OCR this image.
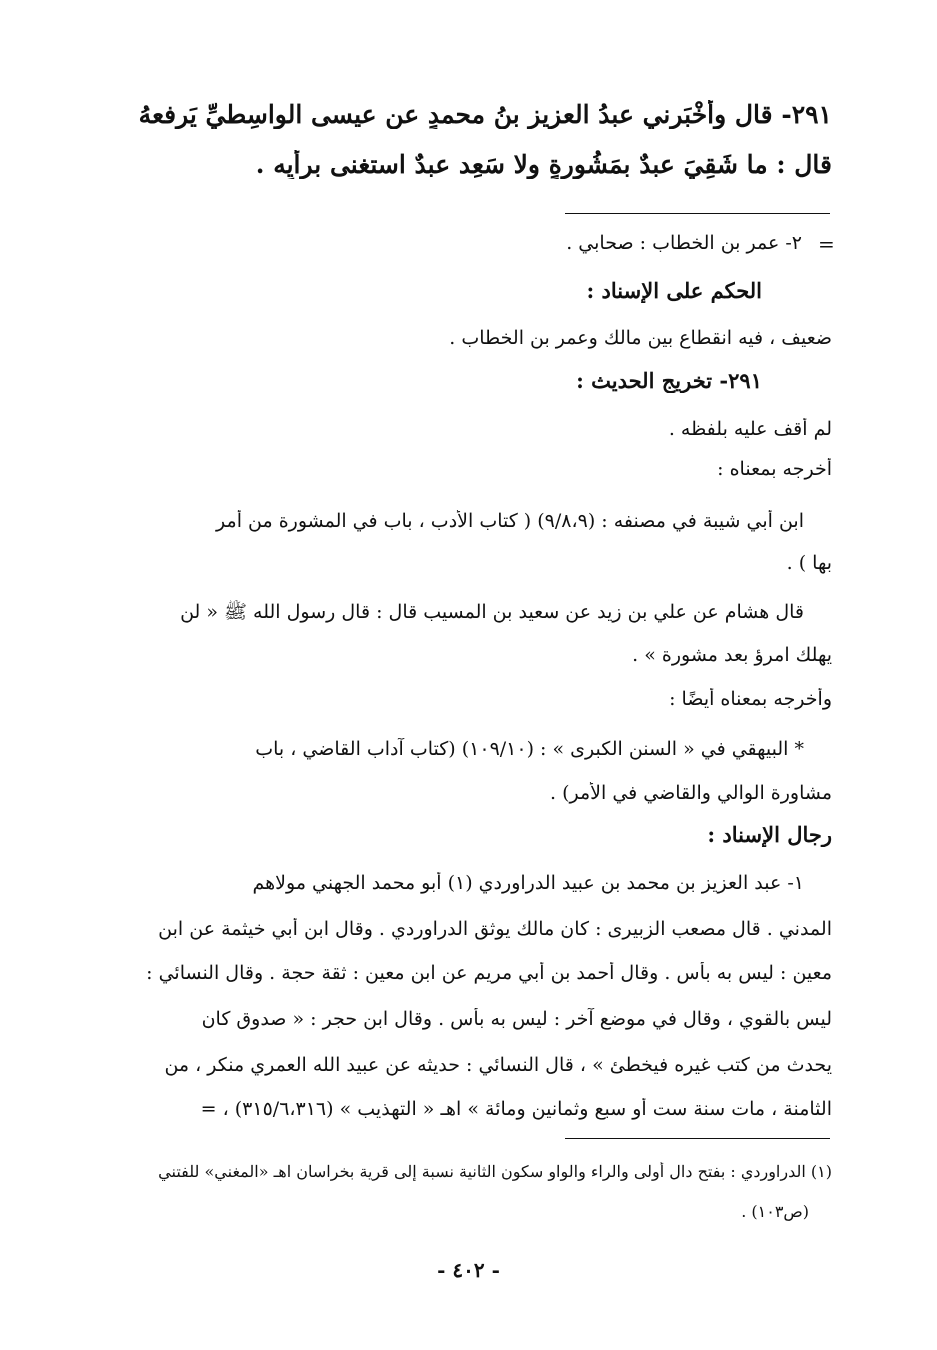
٢٩١- قال وأَخْبَرني عبدُ العزيزِ بنُ محمدٍ عن عيسى الواسِطيِّ يَرفعهُ
قال : ما شَقِيَ عبدٌ بمَشُورةٍ ولا سَعِد عبدٌ استغنى برأيِه .
=
٢- عمر بن الخطاب : صحابي .
الحكم على الإسناد :
ضعيف ، فيه انقطاع بين مالك وعمر بن الخطاب .
٢٩١- تخريج الحديث :
لم أقف عليه بلفظه .
أخرجه بمعناه :
ابن أبي شيبة في مصنفه : (٩/٨،٩) ( كتاب الأدب ، باب في المشورة من أمر
بها ) .
قال هشام عن علي بن زيد عن سعيد بن المسيب قال : قال رسول الله ﷺ « لن
يهلك امرؤ بعد مشورة » .
وأخرجه بمعناه أيضًا :
* البيهقي في « السنن الكبرى » : (١٠٩/١٠) (كتاب آداب القاضي ، باب
مشاورة الوالي والقاضي في الأمر) .
رجال الإسناد :
١- عبد العزيز بن محمد بن عبيد الدراوردي (١) أبو محمد الجهني مولاهم
المدني . قال مصعب الزبيرى : كان مالك يوثق الدراوردي . وقال ابن أبي خيثمة عن ابن
معين : ليس به بأس . وقال أحمد بن أبي مريم عن ابن معين : ثقة حجة . وقال النسائي :
ليس بالقوي ، وقال في موضع آخر : ليس به بأس . وقال ابن حجر : « صدوق كان
يحدث من كتب غيره فيخطئ » ، قال النسائي : حديثه عن عبيد الله العمري منكر ، من
الثامنة ، مات سنة ست أو سبع وثمانين ومائة » اهـ « التهذيب » (٣١٥/٦،٣١٦) ، =
(١) الدراوردي : بفتح دال أولى والراء والواو سكون الثانية نسبة إلى قرية بخراسان اهـ «المغني» للفتني
(ص١٠٣) .
- ٤٠٢ -
